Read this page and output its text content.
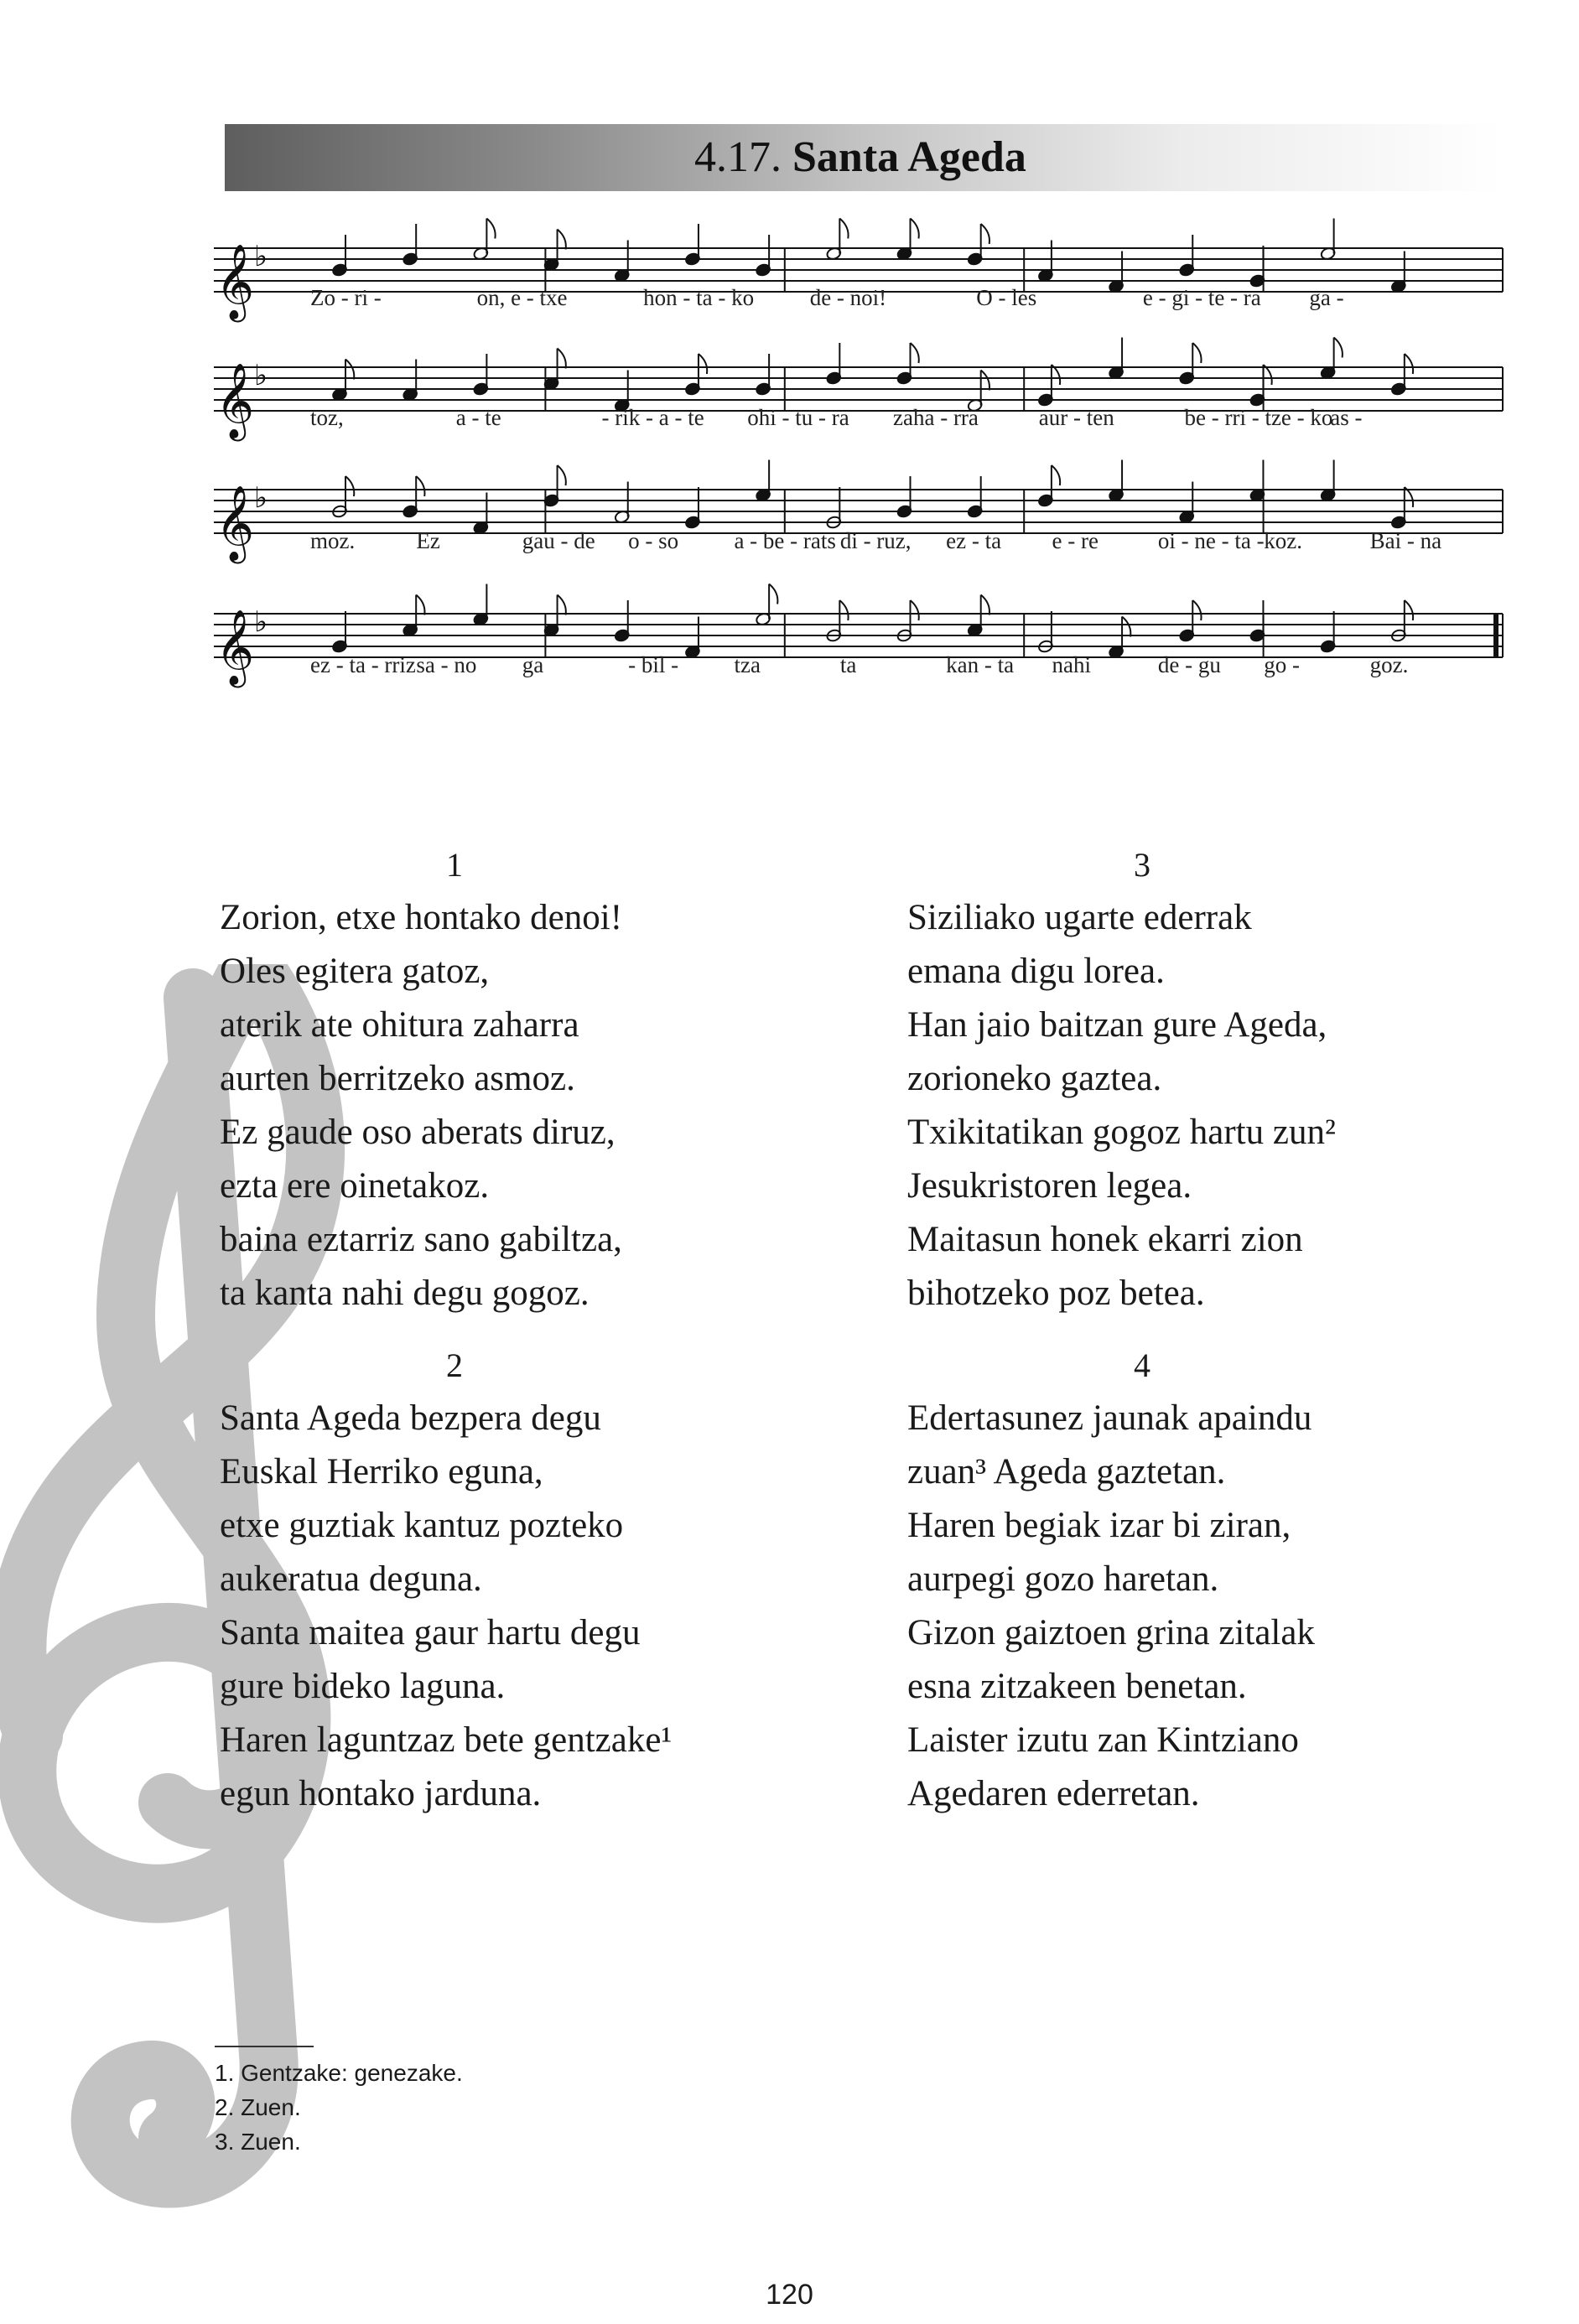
4.17. Santa Ageda
𝄞 ♭
𝄞 ♭
𝄞 ♭
𝄞 ♭
Zo - ri -	on, e - txe	hon - ta - ko de - noi!	O - les	e - gi - te - ra ga -
toz,	a - te	- rik - a - te ohi - tu - ra zaha - rra	aur - ten	be - rri - tze - ko
as -
moz.	Ez	gau - de o - so a - be - rats di - ruz, ez - ta e - re	oi - ne - ta - koz.	Bai - na
ez - ta - rriz sa - no ga	- bil - tza	ta	kan - ta nahi	de - gu go -	goz.
1
Zorion, etxe hontako denoi!
Oles egitera gatoz,
aterik ate ohitura zaharra
aurten berritzeko asmoz.
Ez gaude oso aberats diruz,
ezta ere oinetakoz.
baina eztarriz sano gabiltza,
ta kanta nahi degu gogoz.
2
Santa Ageda bezpera degu
Euskal Herriko eguna,
etxe guztiak kantuz pozteko
aukeratua deguna.
Santa maitea gaur hartu degu
gure bideko laguna.
Haren laguntzaz bete gentzake¹
egun hontako jarduna.
3
Siziliako ugarte ederrak
emana digu lorea.
Han jaio baitzan gure Ageda,
zorioneko gaztea.
Txikitatikan gogoz hartu zun²
Jesukristoren legea.
Maitasun honek ekarri zion
bihotzeko poz betea.
4
Edertasunez jaunak apaindu
zuan³ Ageda gaztetan.
Haren begiak izar bi ziran,
aurpegi gozo haretan.
Gizon gaiztoen grina zitalak
esna zitzakeen benetan.
Laister izutu zan Kintziano
Agedaren ederretan.
1. Gentzake: genezake.
2. Zuen.
3. Zuen.
120
